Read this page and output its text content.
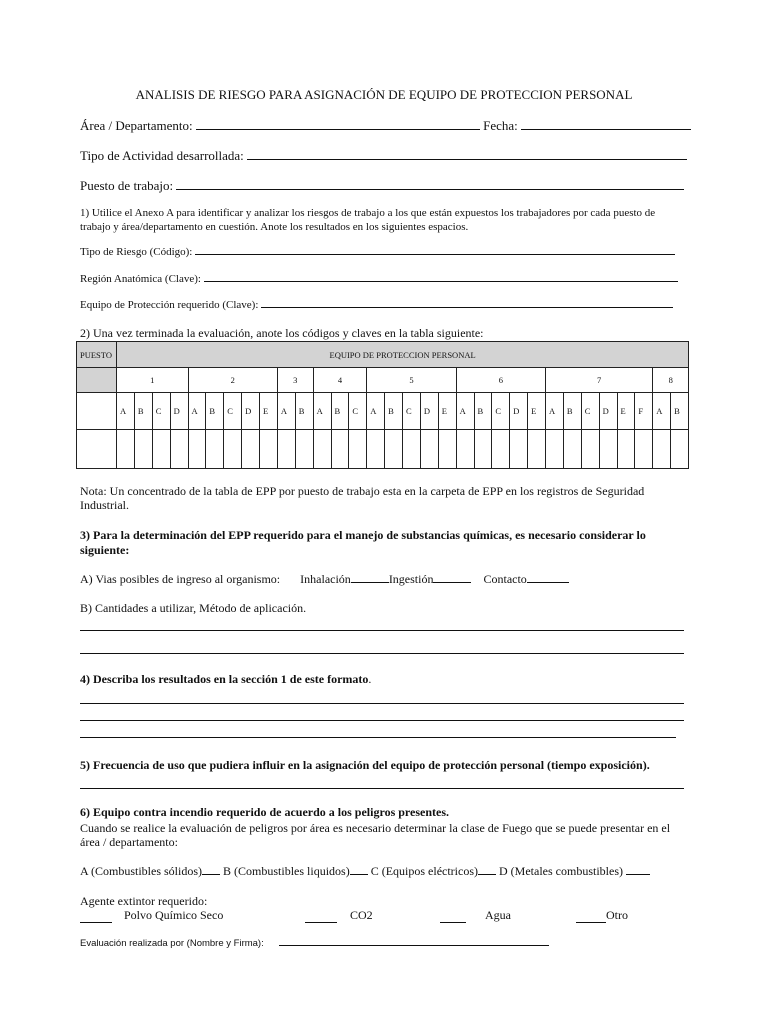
ANALISIS DE RIESGO PARA ASIGNACIÓN DE EQUIPO DE PROTECCION PERSONAL
Área / Departamento:	Fecha:
Tipo de Actividad desarrollada:
Puesto de trabajo:
1) Utilice el Anexo A para identificar y analizar los riesgos de trabajo a los que están expuestos los trabajadores por cada puesto de trabajo y área/departamento en cuestión. Anote los resultados en los siguientes espacios.
Tipo de Riesgo (Código):
Región Anatómica (Clave):
Equipo de Protección requerido (Clave):
2) Una vez terminada la evaluación, anote los códigos y claves en la tabla siguiente:
PUESTO	EQUIPO DE PROTECCION PERSONAL																															
	1				2					3		4			5					6					7						8	
	A	B	C	D	A	B	C	D	E	A	B	A	B	C	A	B	C	D	E	A	B	C	D	E	A	B	C	D	E	F	A	B

Nota: Un concentrado de la tabla de EPP por puesto de trabajo esta en la carpeta de EPP en los registros de Seguridad Industrial.
3) Para la determinación del EPP requerido para el manejo de substancias químicas, es necesario considerar lo siguiente:
A) Vias posibles de ingreso al organismo: Inhalación	Ingestión	Contacto
B) Cantidades a utilizar, Método de aplicación.
4) Describa los resultados en la sección 1 de este formato.
5) Frecuencia de uso que pudiera influir en la asignación del equipo de protección personal (tiempo exposición).
6) Equipo contra incendio requerido de acuerdo a los peligros presentes.
Cuando se realice la evaluación de peligros por área es necesario determinar la clase de Fuego que se puede presentar en el área / departamento:
A (Combustibles sólidos) B (Combustibles liquidos) C (Equipos eléctricos) D (Metales combustibles)
Agente extintor requerido:
Polvo Químico Seco	CO2	Agua	Otro
Evaluación realizada por (Nombre y Firma):
